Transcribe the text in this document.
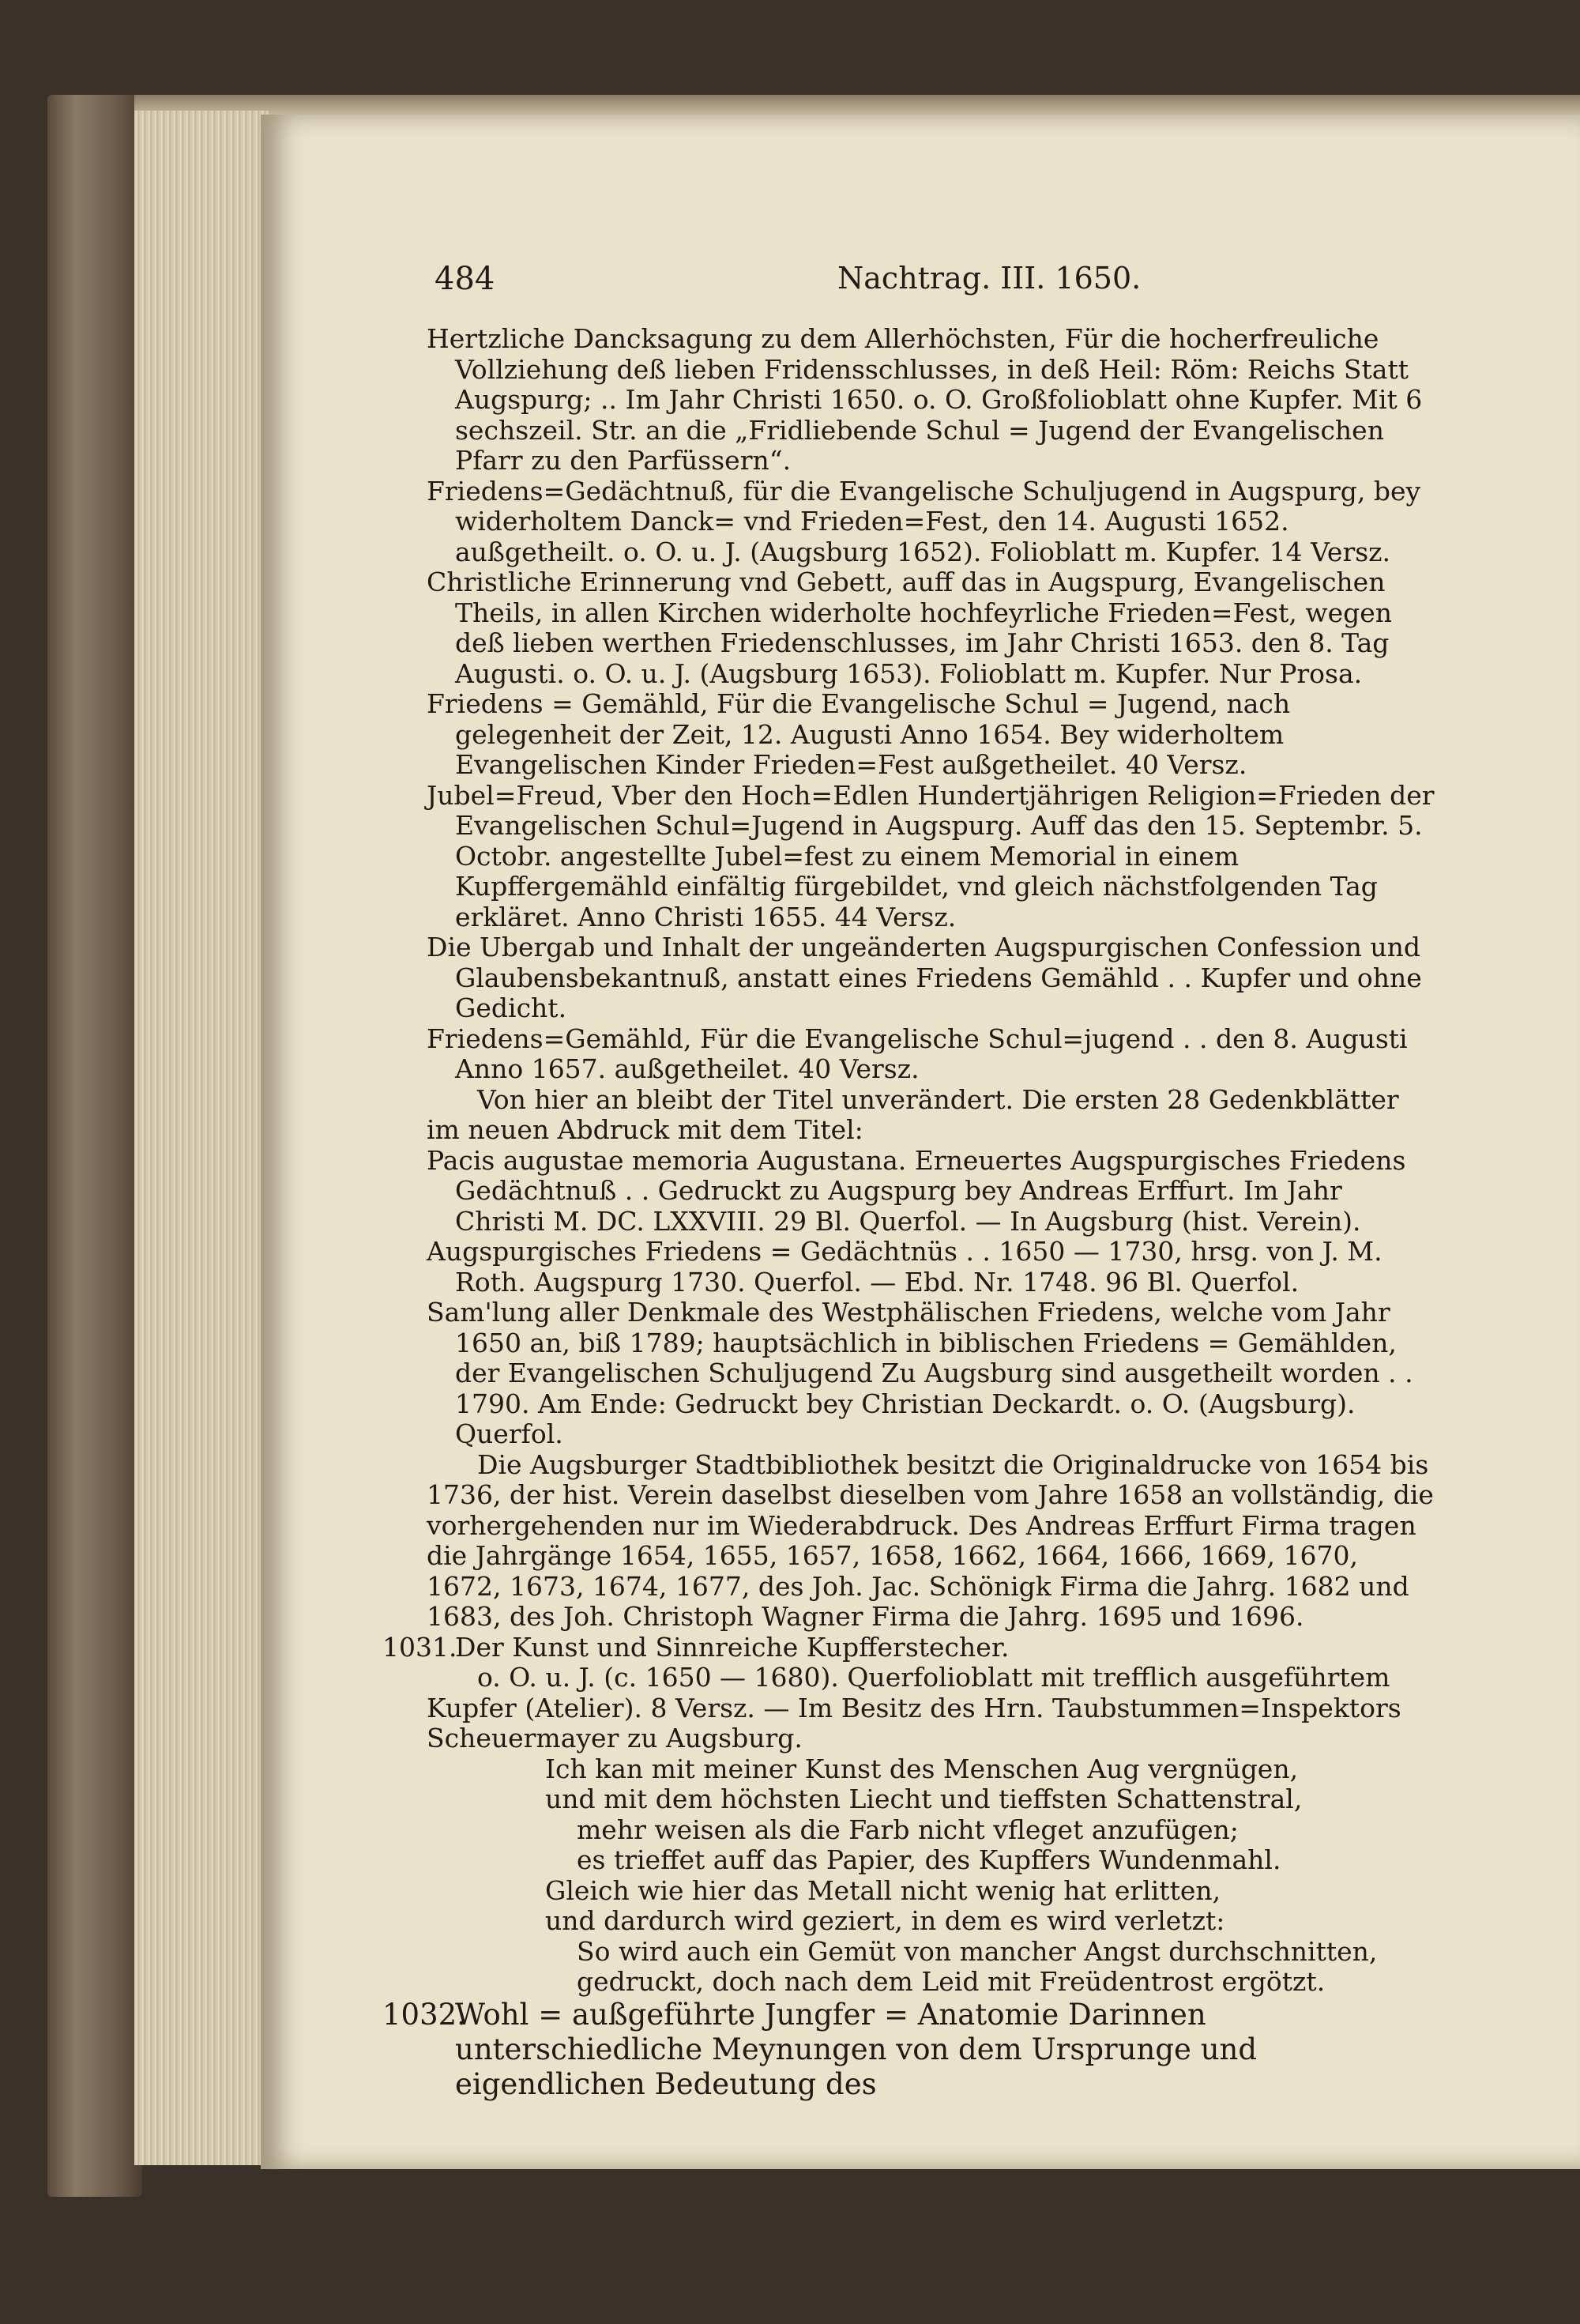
484	Nachtrag. III. 1650.

Hertzliche Dancksagung zu dem Allerhöchsten, Für die hocherfreuliche Vollziehung deß lieben Fridensschlusses, in deß Heil: Röm: Reichs Statt Augspurg; .. Im Jahr Christi 1650. o. O. Großfolioblatt ohne Kupfer. Mit 6 sechszeil. Str. an die „Fridliebende Schul = Jugend der Evangelischen Pfarr zu den Parfüssern“.

Friedens=Gedächtnuß, für die Evangelische Schuljugend in Augspurg, bey widerholtem Danck= vnd Frieden=Fest, den 14. Augusti 1652. außgetheilt. o. O. u. J. (Augsburg 1652). Folioblatt m. Kupfer. 14 Versz.

Christliche Erinnerung vnd Gebett, auff das in Augspurg, Evangelischen Theils, in allen Kirchen widerholte hochfeyrliche Frieden=Fest, wegen deß lieben werthen Friedenschlusses, im Jahr Christi 1653. den 8. Tag Augusti. o. O. u. J. (Augsburg 1653). Folioblatt m. Kupfer. Nur Prosa.

Friedens = Gemähld, Für die Evangelische Schul = Jugend, nach gelegenheit der Zeit, 12. Augusti Anno 1654. Bey widerholtem Evangelischen Kinder Frieden=Fest außgetheilet. 40 Versz.

Jubel=Freud, Vber den Hoch=Edlen Hundertjährigen Religion=Frieden der Evangelischen Schul=Jugend in Augspurg. Auff das den 15. Septembr. 5. Octobr. angestellte Jubel=fest zu einem Memorial in einem Kupffergemähld einfältig fürgebildet, vnd gleich nächstfolgenden Tag erkläret. Anno Christi 1655. 44 Versz.

Die Ubergab und Inhalt der ungeänderten Augspurgischen Confession und Glaubensbekantnuß, anstatt eines Friedens Gemähld . . Kupfer und ohne Gedicht.

Friedens=Gemähld, Für die Evangelische Schul=jugend . . den 8. Augusti Anno 1657. außgetheilet. 40 Versz.

Von hier an bleibt der Titel unverändert. Die ersten 28 Gedenkblätter im neuen Abdruck mit dem Titel:

Pacis augustae memoria Augustana. Erneuertes Augspurgisches Friedens Gedächtnuß . . Gedruckt zu Augspurg bey Andreas Erffurt. Im Jahr Christi M. DC. LXXVIII. 29 Bl. Querfol. — In Augsburg (hist. Verein).

Augspurgisches Friedens = Gedächtnüs . . 1650 — 1730, hrsg. von J. M. Roth. Augspurg 1730. Querfol. — Ebd. Nr. 1748. 96 Bl. Querfol.

Sam'lung aller Denkmale des Westphälischen Friedens, welche vom Jahr 1650 an, biß 1789; hauptsächlich in biblischen Friedens = Gemählden, der Evangelischen Schuljugend Zu Augsburg sind ausgetheilt worden . . 1790. Am Ende: Gedruckt bey Christian Deckardt. o. O. (Augsburg). Querfol.

Die Augsburger Stadtbibliothek besitzt die Originaldrucke von 1654 bis 1736, der hist. Verein daselbst dieselben vom Jahre 1658 an vollständig, die vorhergehenden nur im Wiederabdruck. Des Andreas Erffurt Firma tragen die Jahrgänge 1654, 1655, 1657, 1658, 1662, 1664, 1666, 1669, 1670, 1672, 1673, 1674, 1677, des Joh. Jac. Schönigk Firma die Jahrg. 1682 und 1683, des Joh. Christoph Wagner Firma die Jahrg. 1695 und 1696.

1031.Der Kunst und Sinnreiche Kupfferstecher.

o. O. u. J. (c. 1650 — 1680). Querfolioblatt mit trefflich ausgeführtem Kupfer (Atelier). 8 Versz. — Im Besitz des Hrn. Taubstummen=Inspektors Scheuermayer zu Augsburg.

Ich kan mit meiner Kunst des Menschen Aug vergnügen,
und mit dem höchsten Liecht und tieffsten Schattenstral,
mehr weisen als die Farb nicht vfleget anzufügen;
es trieffet auff das Papier, des Kupffers Wundenmahl.
Gleich wie hier das Metall nicht wenig hat erlitten,
und dardurch wird geziert, in dem es wird verletzt:
So wird auch ein Gemüt von mancher Angst durchschnitten,
gedruckt, doch nach dem Leid mit Freüdentrost ergötzt.

1032.Wohl = außgeführte Jungfer = Anatomie Darinnen unterschiedliche Meynungen von dem Ursprunge und eigendlichen Bedeutung des
